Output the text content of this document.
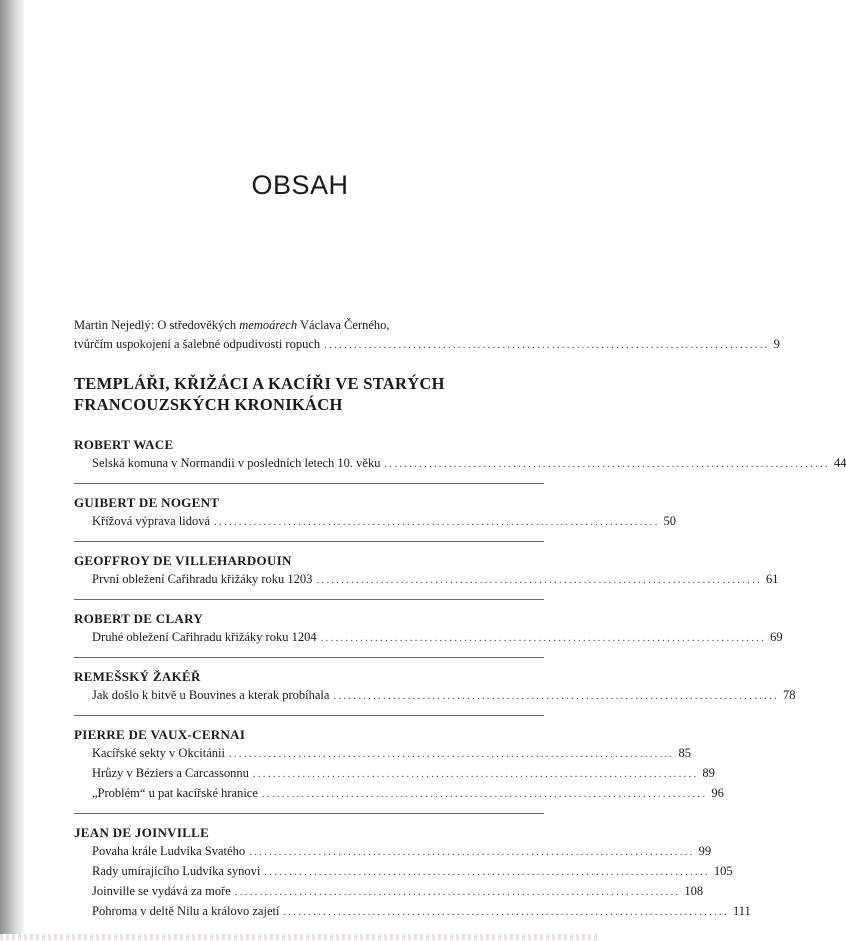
OBSAH
Martin Nejedlý: O středověkých memoárech Václava Černého,
tvůrčím uspokojení a šalebné odpudivosti ropuch .......................................................................................... 9
TEMPLÁŘI, KŘIŽÁCI A KACÍŘI VE STARÝCH FRANCOUZSKÝCH KRONIKÁCH
ROBERT WACE
Selská komuna v Normandii v posledních letech 10. věku .......................................................................................... 44
GUIBERT DE NOGENT
Křížová výprava lidová .......................................................................................... 50
GEOFFROY DE VILLEHARDOUIN
První obležení Cařihradu křižáky roku 1203 .......................................................................................... 61
ROBERT DE CLARY
Druhé obležení Cařihradu křižáky roku 1204 .......................................................................................... 69
REMEŠSKÝ ŽAKÉŘ
Jak došlo k bitvě u Bouvines a kterak probíhala .......................................................................................... 78
PIERRE DE VAUX-CERNAI
Kacířské sekty v Okcitánii .......................................................................................... 85
Hrůzy v Béziers a Carcassonnu .......................................................................................... 89
„Problém“ u pat kacířské hranice .......................................................................................... 96
JEAN DE JOINVILLE
Povaha krále Ludvíka Svatého .......................................................................................... 99
Rady umírajícího Ludvíka synovi .......................................................................................... 105
Joinville se vydává za moře .......................................................................................... 108
Pohroma v deltě Nilu a královo zajetí .......................................................................................... 111
